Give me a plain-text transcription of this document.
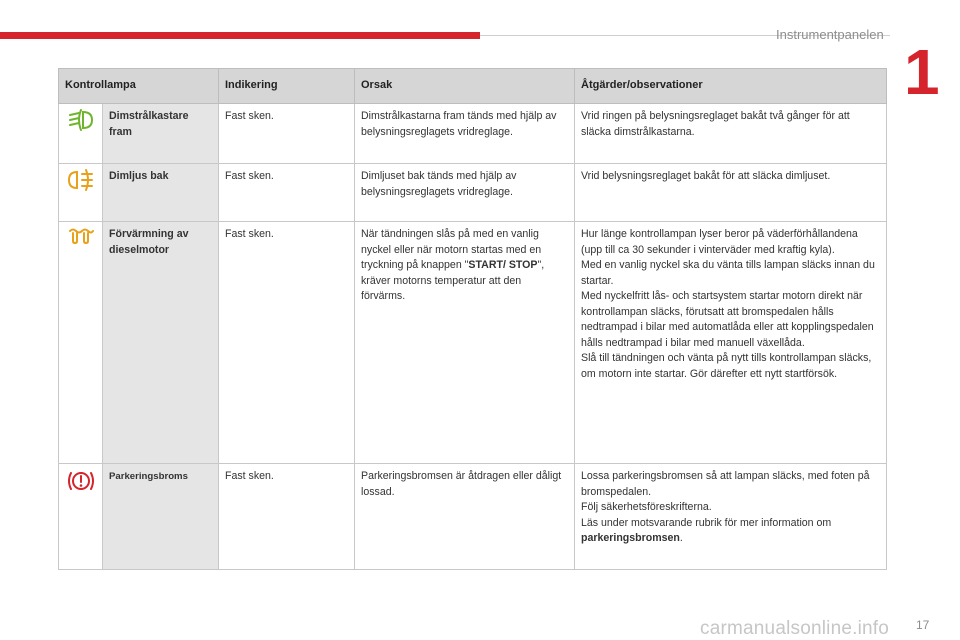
Instrumentpanelen
1
Kontrollampa		Indikering	Orsak	Åtgärder/observationer
	Dimstrålkastare fram	Fast sken.	Dimstrålkastarna fram tänds med hjälp av belysningsreglagets vridreglage.	Vrid ringen på belysningsreglaget bakåt två gånger för att släcka dimstrålkastarna.
	Dimljus bak	Fast sken.	Dimljuset bak tänds med hjälp av belysningsreglagets vridreglage.	Vrid belysningsreglaget bakåt för att släcka dimljuset.
	Förvärmning av dieselmotor	Fast sken.	När tändningen slås på med en vanlig nyckel eller när motorn startas med en tryckning på knappen "START/ STOP", kräver motorns temperatur att den förvärms.	Hur länge kontrollampan lyser beror på väderförhållandena (upp till ca 30 sekunder i vinterväder med kraftig kyla).
Med en vanlig nyckel ska du vänta tills lampan släcks innan du startar.
Med nyckelfritt lås- och startsystem startar motorn direkt när kontrollampan släcks, förutsatt att bromspedalen hålls nedtrampad i bilar med automatlåda eller att kopplingspedalen hålls nedtrampad i bilar med manuell växellåda.
Slå till tändningen och vänta på nytt tills kontrollampan släcks, om motorn inte startar. Gör därefter ett nytt startförsök.

	Parkeringsbroms	Fast sken.	Parkeringsbromsen är åtdragen eller dåligt lossad.	Lossa parkeringsbromsen så att lampan släcks, med foten på bromspedalen.
Följ säkerhetsföreskrifterna.
Läs under motsvarande rubrik för mer information om parkeringsbromsen.
carmanualsonline.info 17
